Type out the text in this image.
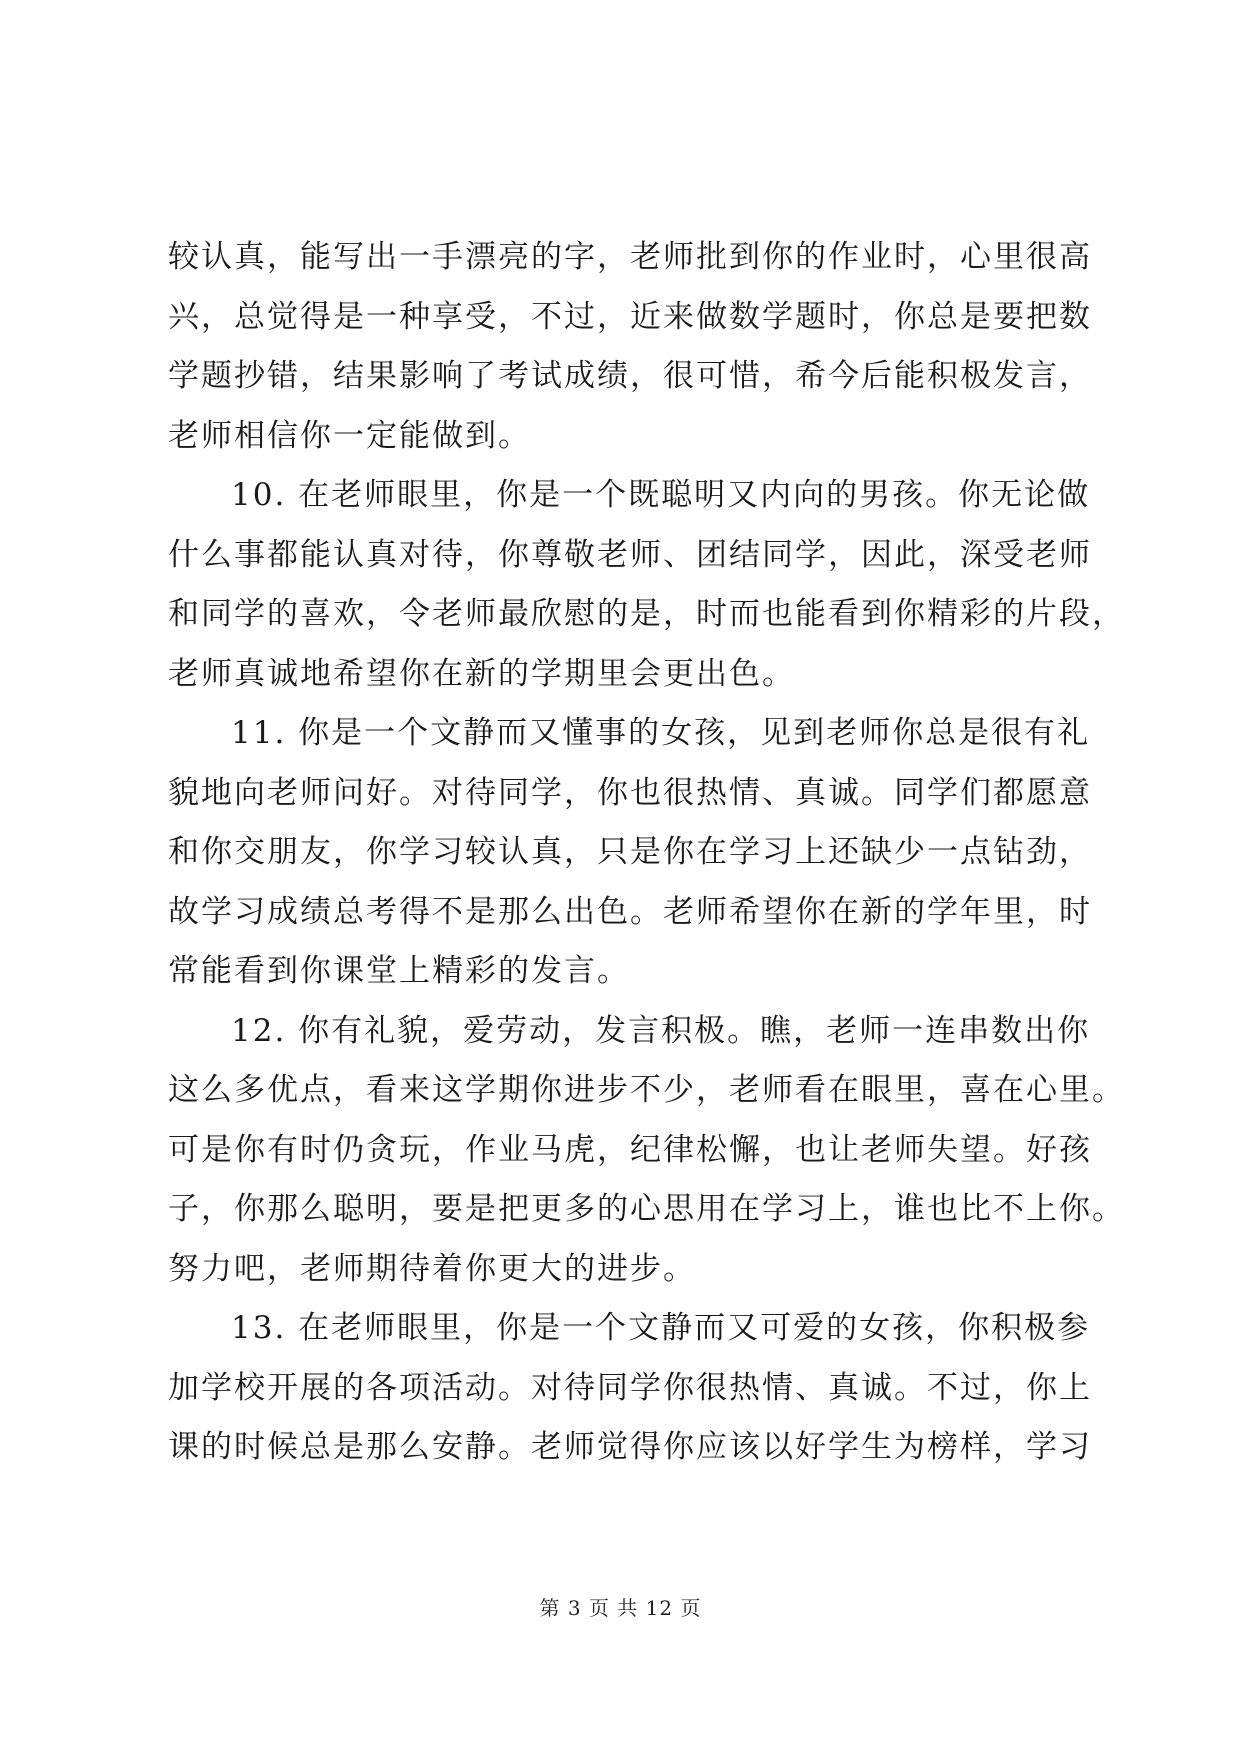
较认真，能写出一手漂亮的字，老师批到你的作业时，心里很高
兴，总觉得是一种享受，不过，近来做数学题时，你总是要把数
学题抄错，结果影响了考试成绩，很可惜，希今后能积极发言，
老师相信你一定能做到。
10. 在老师眼里，你是一个既聪明又内向的男孩。你无论做
什么事都能认真对待，你尊敬老师、团结同学，因此，深受老师
和同学的喜欢，令老师最欣慰的是，时而也能看到你精彩的片段，
老师真诚地希望你在新的学期里会更出色。
11. 你是一个文静而又懂事的女孩，见到老师你总是很有礼
貌地向老师问好。对待同学，你也很热情、真诚。同学们都愿意
和你交朋友，你学习较认真，只是你在学习上还缺少一点钻劲，
故学习成绩总考得不是那么出色。老师希望你在新的学年里，时
常能看到你课堂上精彩的发言。
12. 你有礼貌，爱劳动，发言积极。瞧，老师一连串数出你
这么多优点，看来这学期你进步不少，老师看在眼里，喜在心里。
可是你有时仍贪玩，作业马虎，纪律松懈，也让老师失望。好孩
子，你那么聪明，要是把更多的心思用在学习上，谁也比不上你。
努力吧，老师期待着你更大的进步。
13. 在老师眼里，你是一个文静而又可爱的女孩，你积极参
加学校开展的各项活动。对待同学你很热情、真诚。不过，你上
课的时候总是那么安静。老师觉得你应该以好学生为榜样，学习
第 3 页 共 12 页
